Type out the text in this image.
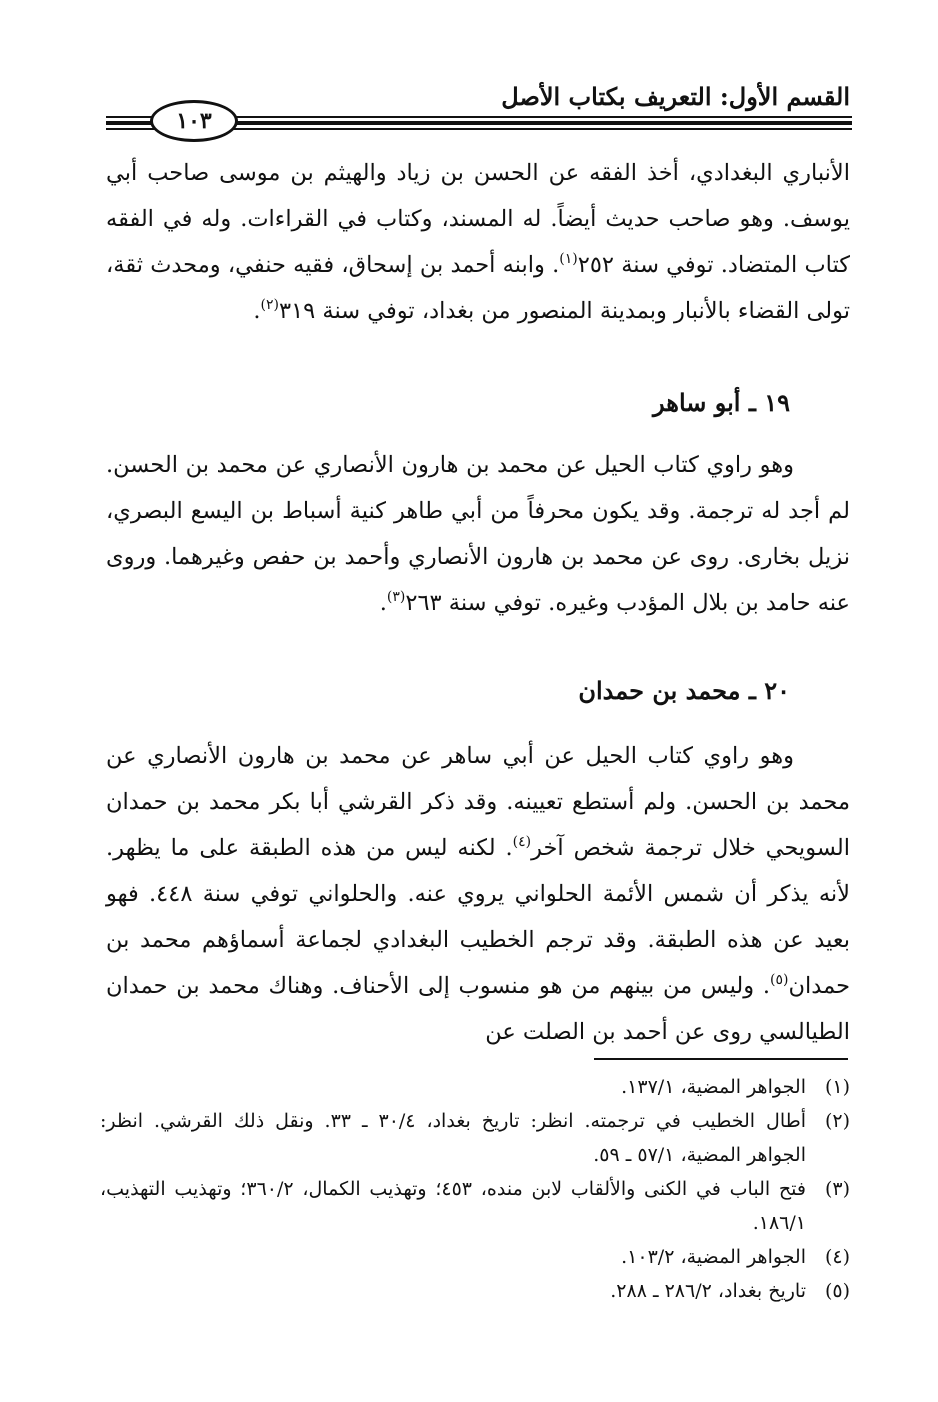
القسم الأول: التعريف بكتاب الأصل
١٠٣

الأنباري البغدادي، أخذ الفقه عن الحسن بن زياد والهيثم بن موسى صاحب أبي يوسف. وهو صاحب حديث أيضاً. له المسند، وكتاب في القراءات. وله في الفقه كتاب المتضاد. توفي سنة ٢٥٢$^{(١)}$. وابنه أحمد بن إسحاق، فقيه حنفي، ومحدث ثقة، تولى القضاء بالأنبار وبمدينة المنصور من بغداد، توفي سنة ٣١٩$^{(٢)}$.

١٩ ـ أبو ساهر

وهو راوي كتاب الحيل عن محمد بن هارون الأنصاري عن محمد بن الحسن. لم أجد له ترجمة. وقد يكون محرفاً من أبي طاهر كنية أسباط بن اليسع البصري، نزيل بخارى. روى عن محمد بن هارون الأنصاري وأحمد بن حفص وغيرهما. وروى عنه حامد بن بلال المؤدب وغيره. توفي سنة ٢٦٣$^{(٣)}$.

٢٠ ـ محمد بن حمدان

وهو راوي كتاب الحيل عن أبي ساهر عن محمد بن هارون الأنصاري عن محمد بن الحسن. ولم أستطع تعيينه. وقد ذكر القرشي أبا بكر محمد بن حمدان السويحي خلال ترجمة شخص آخر$^{(٤)}$. لكنه ليس من هذه الطبقة على ما يظهر. لأنه يذكر أن شمس الأئمة الحلواني يروي عنه. والحلواني توفي سنة ٤٤٨. فهو بعيد عن هذه الطبقة. وقد ترجم الخطيب البغدادي لجماعة أسماؤهم محمد بن حمدان$^{(٥)}$. وليس من بينهم من هو منسوب إلى الأحناف. وهناك محمد بن حمدان الطيالسي روى عن أحمد بن الصلت عن

(١)
الجواهر المضية، ١٣٧/١.
(٢)
أطال الخطيب في ترجمته. انظر: تاريخ بغداد، ٣٠/٤ ـ ٣٣. ونقل ذلك القرشي. انظر: الجواهر المضية، ٥٧/١ ـ ٥٩.
(٣)
فتح الباب في الكنى والألقاب لابن منده، ٤٥٣؛ وتهذيب الكمال، ٣٦٠/٢؛ وتهذيب التهذيب، ١٨٦/١.
(٤)
الجواهر المضية، ١٠٣/٢.
(٥)
تاريخ بغداد، ٢٨٦/٢ ـ ٢٨٨.
